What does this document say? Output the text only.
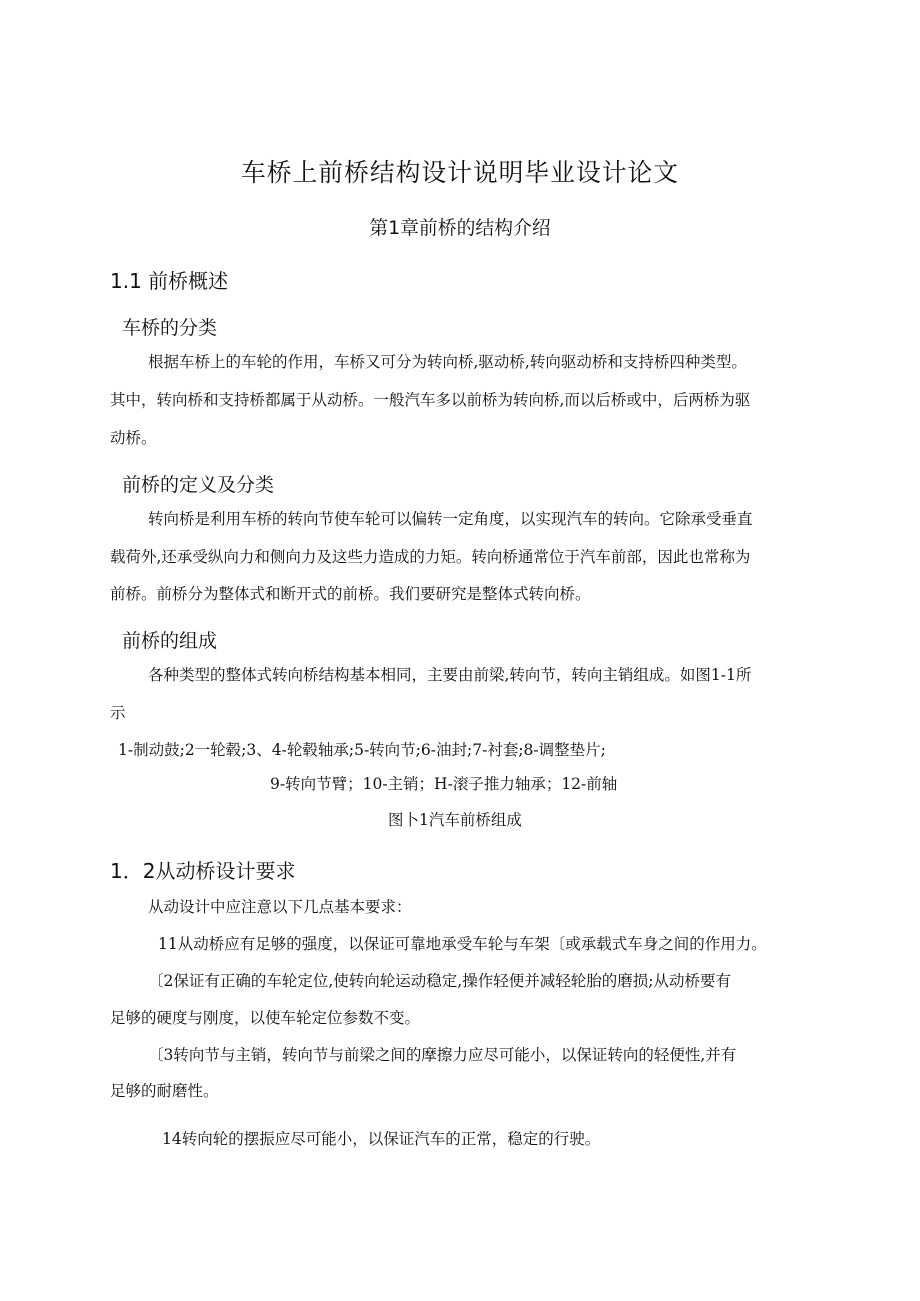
车桥上前桥结构设计说明毕业设计论文
第1章前桥的结构介绍
1.1 前桥概述
车桥的分类

根据车桥上的车轮的作用，车桥又可分为转向桥,驱动桥,转向驱动桥和支持桥四种类型。

其中，转向桥和支持桥都属于从动桥。一般汽车多以前桥为转向桥,而以后桥或中，后两桥为驱

动桥。

前桥的定义及分类

转向桥是利用车桥的转向节使车轮可以偏转一定角度，以实现汽车的转向。它除承受垂直

载荷外,还承受纵向力和侧向力及这些力造成的力矩。转向桥通常位于汽车前部，因此也常称为

前桥。前桥分为整体式和断开式的前桥。我们要研究是整体式转向桥。

前桥的组成

各种类型的整体式转向桥结构基本相同，主要由前梁,转向节，转向主销组成。如图1-1所

示

1-制动鼓;2一轮毂;3、4-轮毂轴承;5-转向节;6-油封;7-衬套;8-调整垫片;

9-转向节臂；10-主销；H-滚子推力轴承；12-前轴

图卜1汽车前桥组成

1．2从动桥设计要求

从动设计中应注意以下几点基本要求：

11从动桥应有足够的强度，以保证可靠地承受车轮与车架〔或承载式车身之间的作用力。

〔2保证有正确的车轮定位,使转向轮运动稳定,操作轻便并减轻轮胎的磨损;从动桥要有

足够的硬度与刚度，以使车轮定位参数不变。

〔3转向节与主销，转向节与前梁之间的摩擦力应尽可能小，以保证转向的轻便性,并有

足够的耐磨性。

14转向轮的摆振应尽可能小，以保证汽车的正常，稳定的行驶。
